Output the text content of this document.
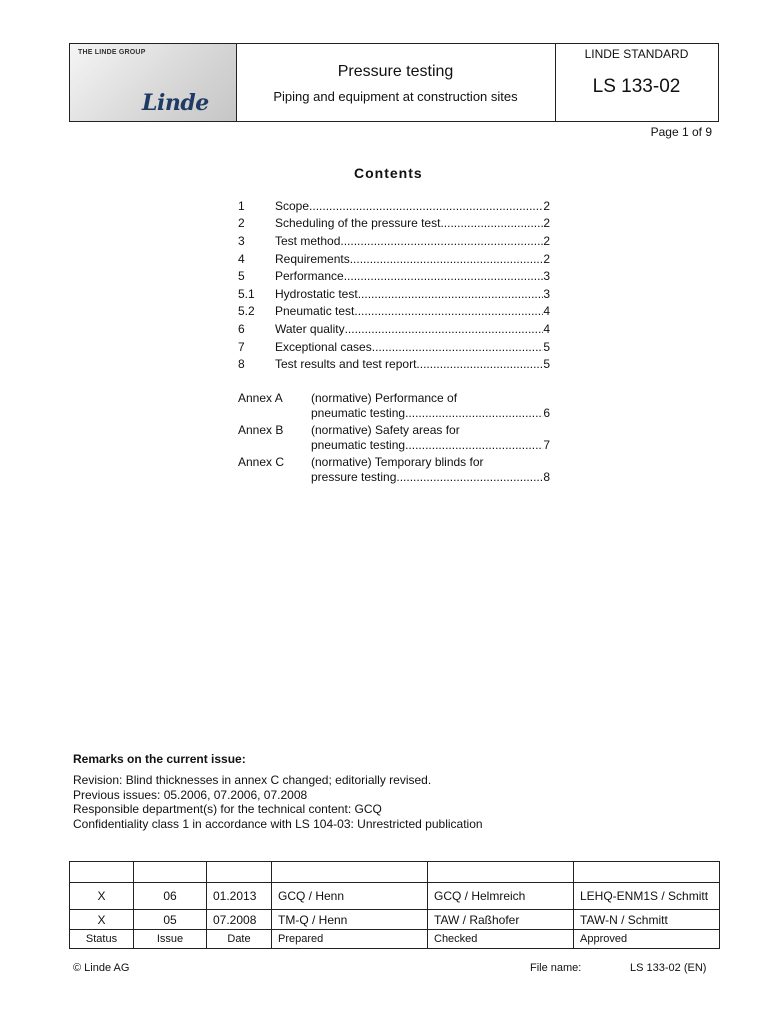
THE LINDE GROUP
Linde
Pressure testing
Piping and equipment at construction sites
LINDE STANDARD
LS 133-02
Page 1 of 9
Contents
1	Scope .....	2
2	Scheduling of the pressure test .....	2
3	Test method .....	2
4	Requirements .....	2
5	Performance .....	3
5.1	Hydrostatic test .....	3
5.2	Pneumatic test .....	4
6	Water quality .....	4
7	Exceptional cases .....	5
8	Test results and test report .....	5
Annex A (normative) Performance of
pneumatic testing .....	6
Annex B (normative) Safety areas for
pneumatic testing .....	7
Annex C (normative) Temporary blinds for
pressure testing .....	8
Remarks on the current issue:
Revision: Blind thicknesses in annex C changed; editorially revised.
Previous issues: 05.2006, 07.2006, 07.2008
Responsible department(s) for the technical content: GCQ
Confidentiality class 1 in accordance with LS 104-03: Unrestricted publication

X	06	01.2013	GCQ / Henn	GCQ / Helmreich	LEHQ-ENM1S / Schmitt
X	05	07.2008	TM-Q / Henn	TAW / Raßhofer	TAW-N / Schmitt
Status	Issue	Date	Prepared	Checked	Approved
© Linde AG	File name:	LS 133-02 (EN)
